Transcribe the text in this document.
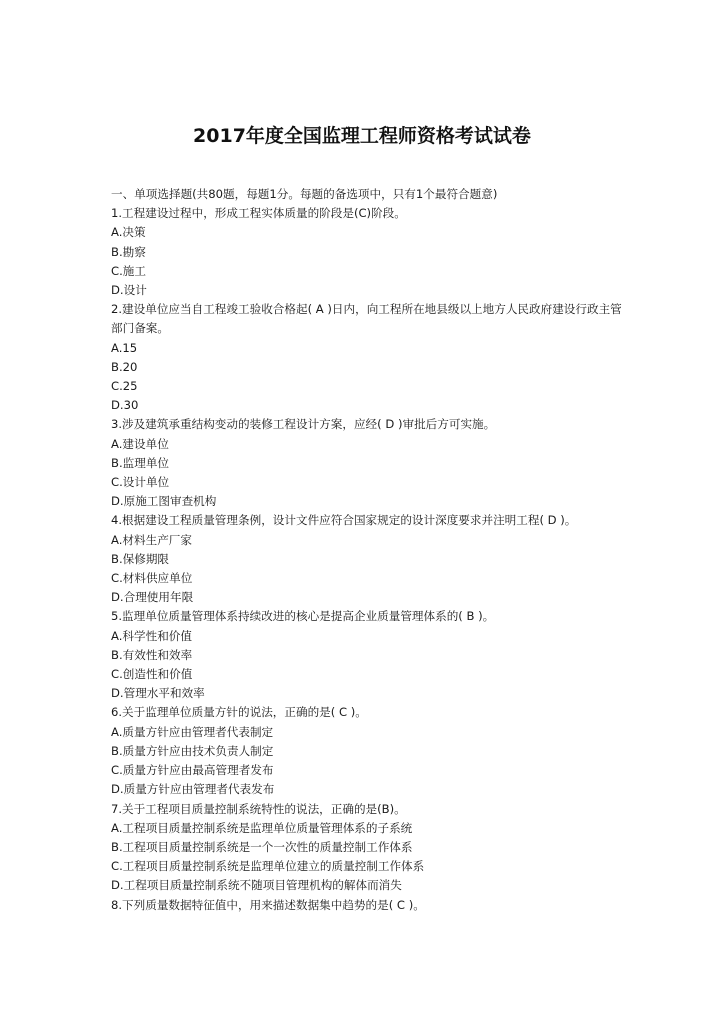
2017年度全国监理工程师资格考试试卷
一、单项选择题(共80题，每题1分。每题的备选项中，只有1个最符合题意)
1.工程建设过程中，形成工程实体质量的阶段是(C)阶段。
A.决策
B.勘察
C.施工
D.设计
2.建设单位应当自工程竣工验收合格起( A )日内，向工程所在地县级以上地方人民政府建设行政主管部门备案。
A.15
B.20
C.25
D.30
3.涉及建筑承重结构变动的装修工程设计方案，应经( D )审批后方可实施。
A.建设单位
B.监理单位
C.设计单位
D.原施工图审查机构
4.根据建设工程质量管理条例，设计文件应符合国家规定的设计深度要求并注明工程( D )。
A.材料生产厂家
B.保修期限
C.材料供应单位
D.合理使用年限
5.监理单位质量管理体系持续改进的核心是提高企业质量管理体系的( B )。
A.科学性和价值
B.有效性和效率
C.创造性和价值
D.管理水平和效率
6.关于监理单位质量方针的说法，正确的是( C )。
A.质量方针应由管理者代表制定
B.质量方针应由技术负责人制定
C.质量方针应由最高管理者发布
D.质量方针应由管理者代表发布
7.关于工程项目质量控制系统特性的说法，正确的是(B)。
A.工程项目质量控制系统是监理单位质量管理体系的子系统
B.工程项目质量控制系统是一个一次性的质量控制工作体系
C.工程项目质量控制系统是监理单位建立的质量控制工作体系
D.工程项目质量控制系统不随项目管理机构的解体而消失
8.下列质量数据特征值中，用来描述数据集中趋势的是( C )。
